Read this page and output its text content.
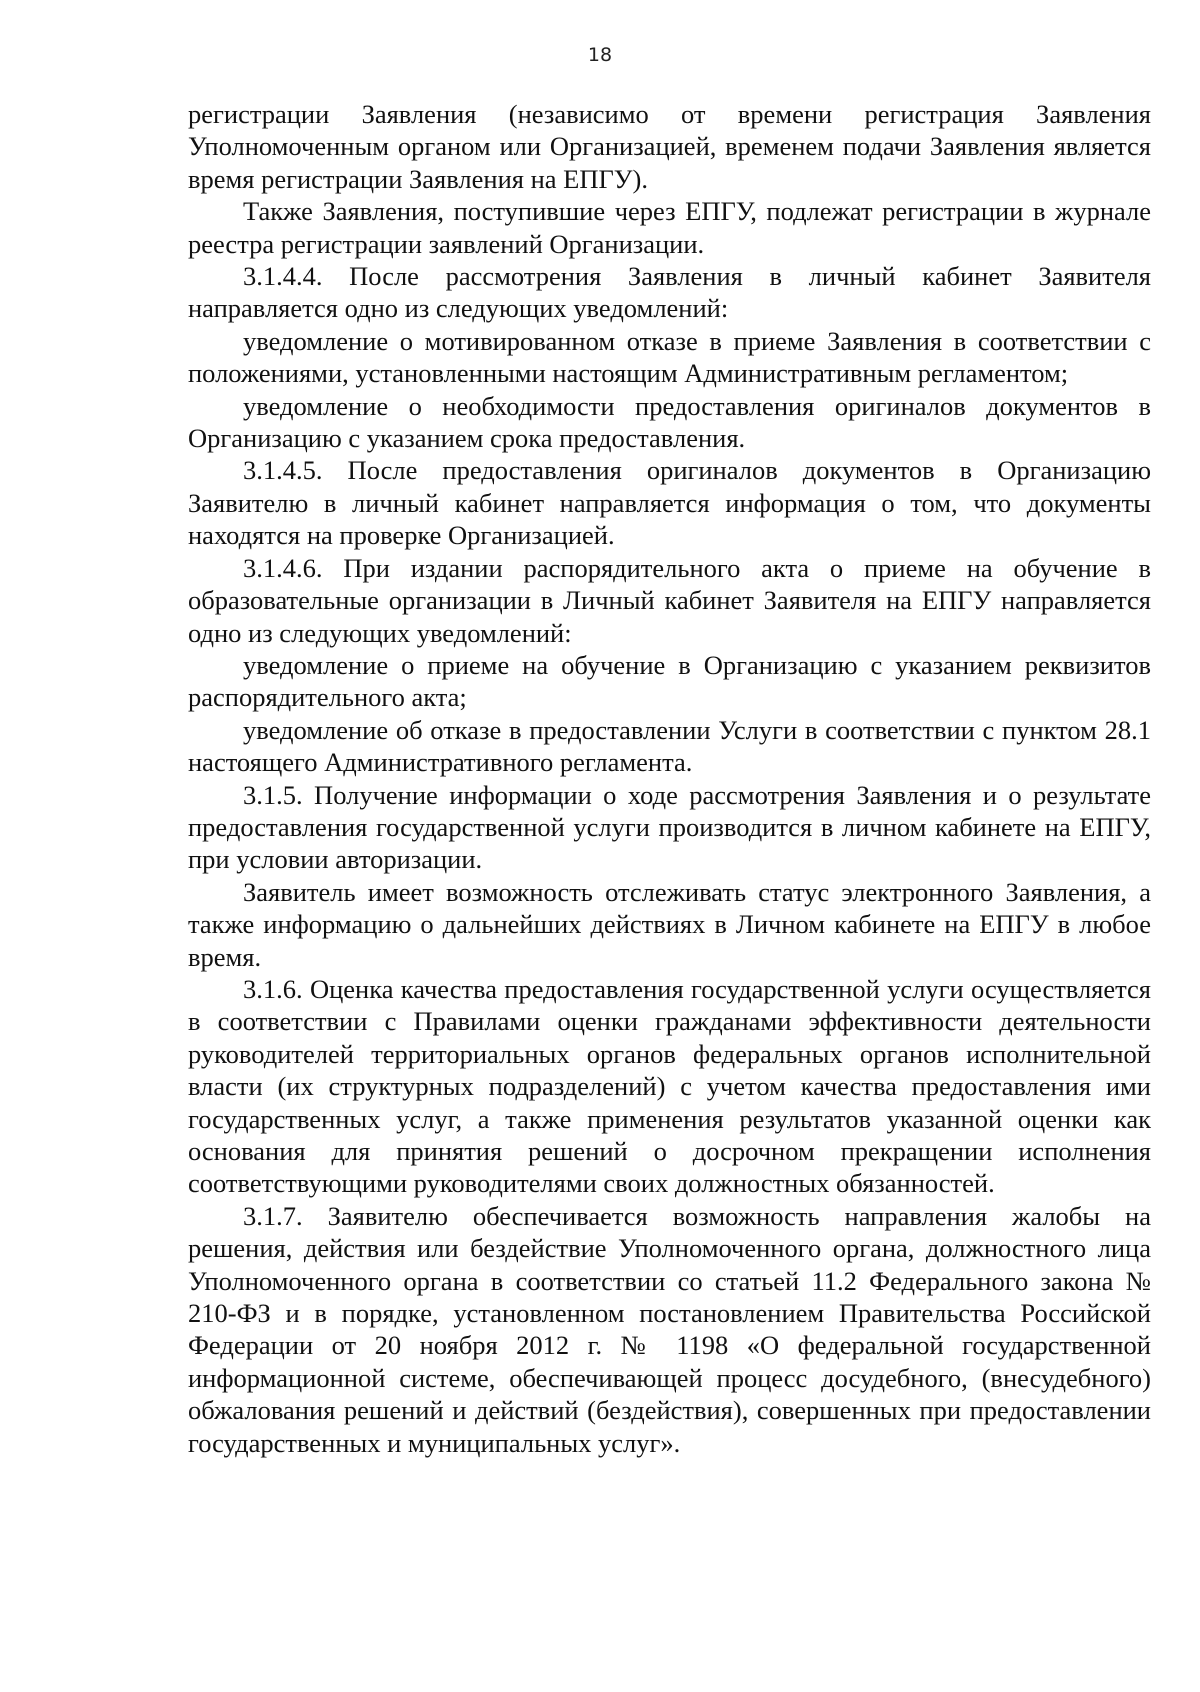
18

регистрации Заявления (независимо от времени регистрация Заявления Уполномоченным органом или Организацией, временем подачи Заявления является время регистрации Заявления на ЕПГУ).

Также Заявления, поступившие через ЕПГУ, подлежат регистрации в журнале реестра регистрации заявлений Организации.

3.1.4.4. После рассмотрения Заявления в личный кабинет Заявителя направляется одно из следующих уведомлений:

уведомление о мотивированном отказе в приеме Заявления в соответствии с положениями, установленными настоящим Административным регламентом;

уведомление о необходимости предоставления оригиналов документов в Организацию с указанием срока предоставления.

3.1.4.5. После предоставления оригиналов документов в Организацию Заявителю в личный кабинет направляется информация о том, что документы находятся на проверке Организацией.

3.1.4.6. При издании распорядительного акта о приеме на обучение в образовательные организации в Личный кабинет Заявителя на ЕПГУ направляется одно из следующих уведомлений:

уведомление о приеме на обучение в Организацию с указанием реквизитов распорядительного акта;

уведомление об отказе в предоставлении Услуги в соответствии с пунктом 28.1 настоящего Административного регламента.

3.1.5. Получение информации о ходе рассмотрения Заявления и о результате предоставления государственной услуги производится в личном кабинете на ЕПГУ, при условии авторизации.

Заявитель имеет возможность отслеживать статус электронного Заявления, а также информацию о дальнейших действиях в Личном кабинете на ЕПГУ в любое время.

3.1.6. Оценка качества предоставления государственной услуги осуществляется в соответствии с Правилами оценки гражданами эффективности деятельности руководителей территориальных органов федеральных органов исполнительной власти (их структурных подразделений) с учетом качества предоставления ими государственных услуг, а также применения результатов указанной оценки как основания для принятия решений о досрочном прекращении исполнения соответствующими руководителями своих должностных обязанностей.

3.1.7. Заявителю обеспечивается возможность направления жалобы на решения, действия или бездействие Уполномоченного органа, должностного лица Уполномоченного органа в соответствии со статьей 11.2 Федерального закона № 210-ФЗ и в порядке, установленном постановлением Правительства Российской Федерации от 20 ноября 2012 г. № 1198 «О федеральной государственной информационной системе, обеспечивающей процесс досудебного, (внесудебного) обжалования решений и действий (бездействия), совершенных при предоставлении государственных и муниципальных услуг».
